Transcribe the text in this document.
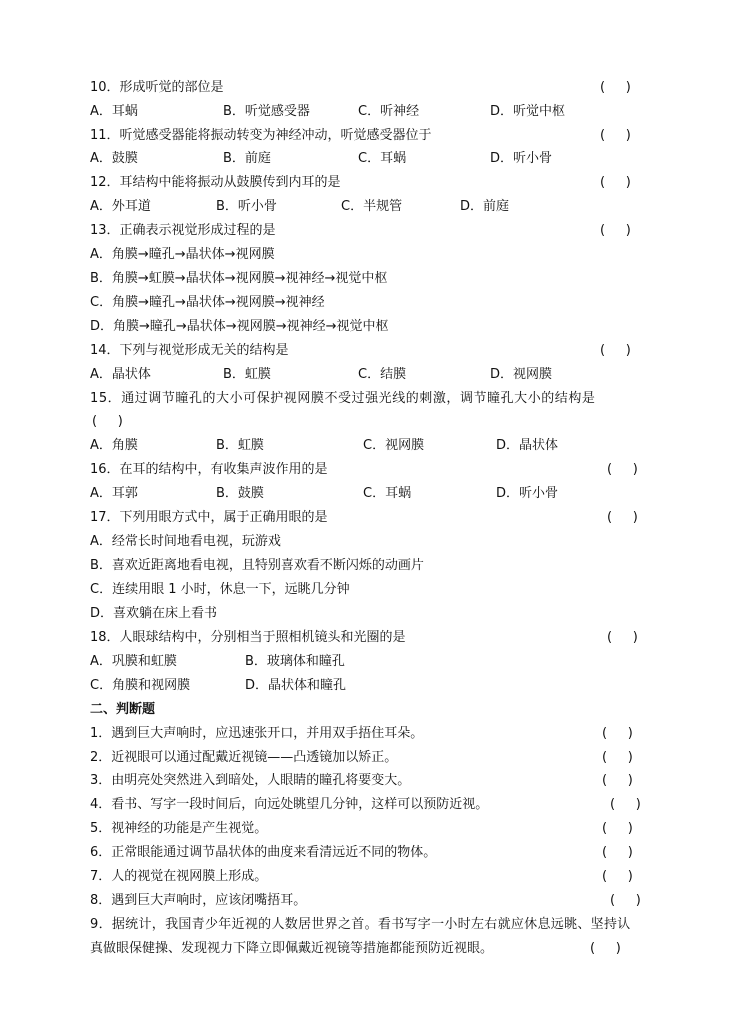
10．形成听觉的部位是	(     )
A．耳蜗	B．听觉感受器	C．听神经	D．听觉中枢
11．听觉感受器能将振动转变为神经冲动，听觉感受器位于	(     )
A．鼓膜	B．前庭	C．耳蜗	D．听小骨
12．耳结构中能将振动从鼓膜传到内耳的是	(     )
A．外耳道	B．听小骨	C．半规管	D．前庭
13．正确表示视觉形成过程的是	(     )
A．角膜→瞳孔→晶状体→视网膜
B．角膜→虹膜→晶状体→视网膜→视神经→视觉中枢
C．角膜→瞳孔→晶状体→视网膜→视神经
D．角膜→瞳孔→晶状体→视网膜→视神经→视觉中枢
14．下列与视觉形成无关的结构是	(     )
A．晶状体	B．虹膜	C．结膜	D．视网膜
15．通过调节瞳孔的大小可保护视网膜不受过强光线的刺激，调节瞳孔大小的结构是
(     )
A．角膜	B．虹膜	C．视网膜	D．晶状体
16．在耳的结构中，有收集声波作用的是	(     )
A．耳郭	B．鼓膜	C．耳蜗	D．听小骨
17．下列用眼方式中，属于正确用眼的是	(     )
A．经常长时间地看电视，玩游戏
B．喜欢近距离地看电视，且特别喜欢看不断闪烁的动画片
C．连续用眼 1 小时，休息一下，远眺几分钟
D．喜欢躺在床上看书
18．人眼球结构中，分别相当于照相机镜头和光圈的是	(     )
A．巩膜和虹膜	B．玻璃体和瞳孔
C．角膜和视网膜	D．晶状体和瞳孔
二、判断题
1．遇到巨大声响时，应迅速张开口，并用双手捂住耳朵。	(     )
2．近视眼可以通过配戴近视镜——凸透镜加以矫正。	(     )
3．由明亮处突然进入到暗处，人眼睛的瞳孔将要变大。	(     )
4．看书、写字一段时间后，向远处眺望几分钟，这样可以预防近视。	(     )
5．视神经的功能是产生视觉。	(     )
6．正常眼能通过调节晶状体的曲度来看清远近不同的物体。	(     )
7．人的视觉在视网膜上形成。	(     )
8．遇到巨大声响时，应该闭嘴捂耳。	(     )
9．据统计，我国青少年近视的人数居世界之首。看书写字一小时左右就应休息远眺、坚持认
真做眼保健操、发现视力下降立即佩戴近视镜等措施都能预防近视眼。	(     )
